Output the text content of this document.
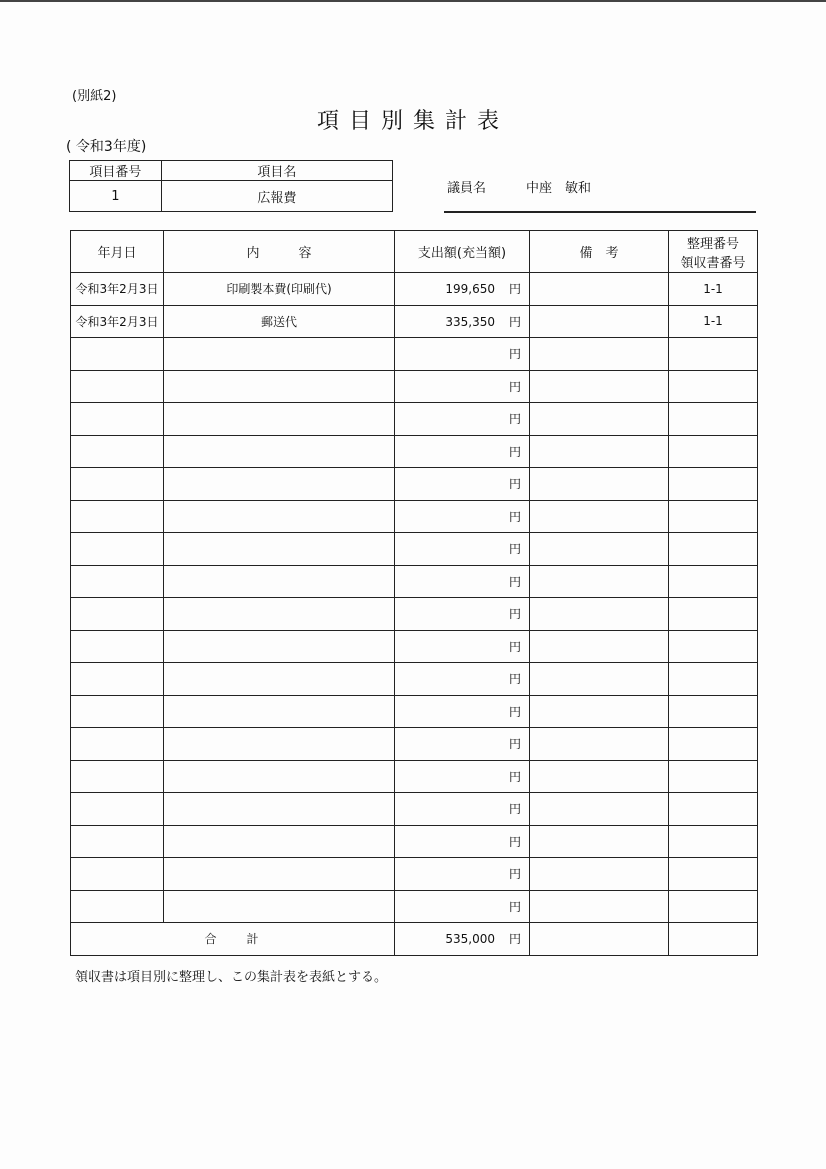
(別紙2)
項目別集計表
( 令和3年度)
項目番号	項目名
1	広報費
議員名	中座　敏和
年月日	内　　　容	支出額(充当額)	備　考	整理番号
領収書番号

令和3年2月3日	印刷製本費(印刷代)	199,650 円		1-1
令和3年2月3日	郵送代	335,350 円		1-1
		円		
		円		
		円		
		円		
		円		
		円		
		円		
		円		
		円		
		円		
		円		
		円		
		円		
		円		
		円		
		円		
		円		
		円		
合　　計		535,000 円		
領収書は項目別に整理し、この集計表を表紙とする。
